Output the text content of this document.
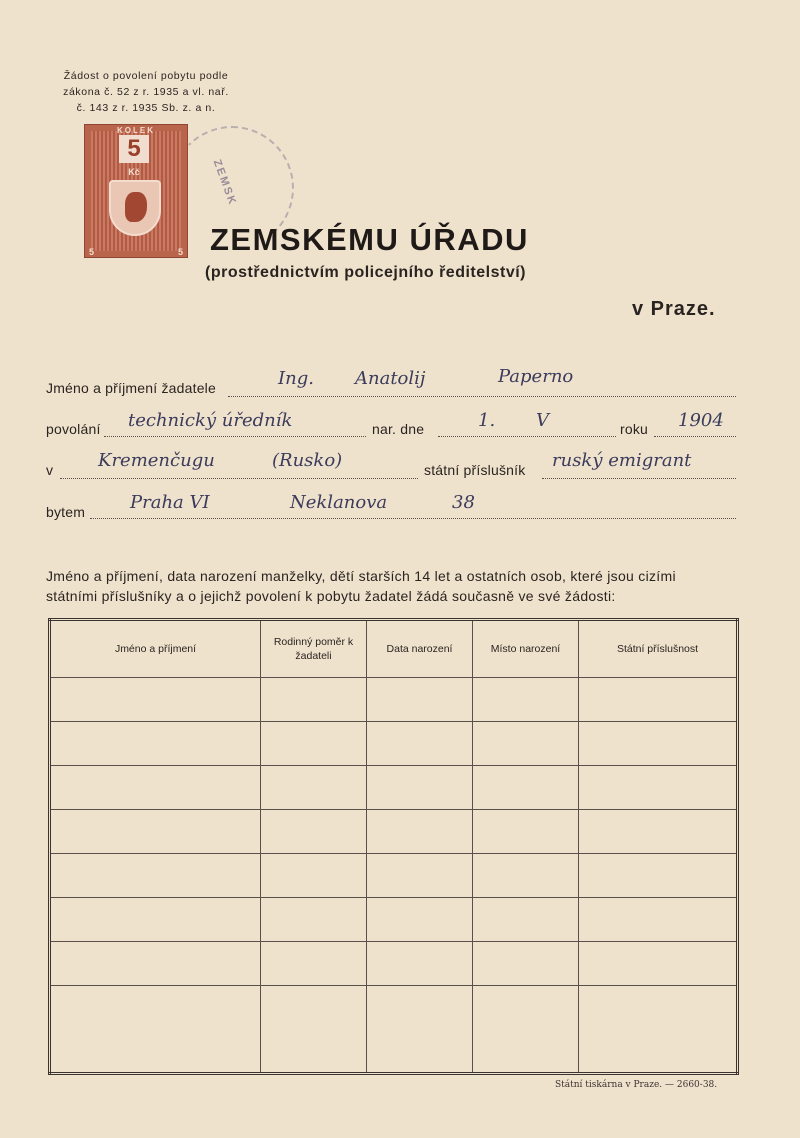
Žádost o povolení pobytu podle
zákona č. 52 z r. 1935 a vl. nař.
č. 143 z r. 1935 Sb. z. a n.
KOLEK
5
Kč
5	5
ZEMSK
ZEMSKÉMU ÚŘADU
(prostřednictvím policejního ředitelství)
v Praze.
Jméno a příjmení žadatele	Ing. Anatolij	Paperno
povolání technický úředník	nar. dne	1. V	roku 1904
v Kremenčugu	(Rusko)	státní příslušník ruský emigrant
bytem Praha VI	Neklanova	38
Jméno a příjmení, data narození manželky, dětí starších 14 let a ostatních osob, které jsou cizími
státními příslušníky a o jejichž povolení k pobytu žadatel žádá současně ve své žádosti:
Jméno a příjmení	Rodinný poměr k žadateli	Data narození	Místo narození	Státní příslušnost

Státní tiskárna v Praze. — 2660-38.
